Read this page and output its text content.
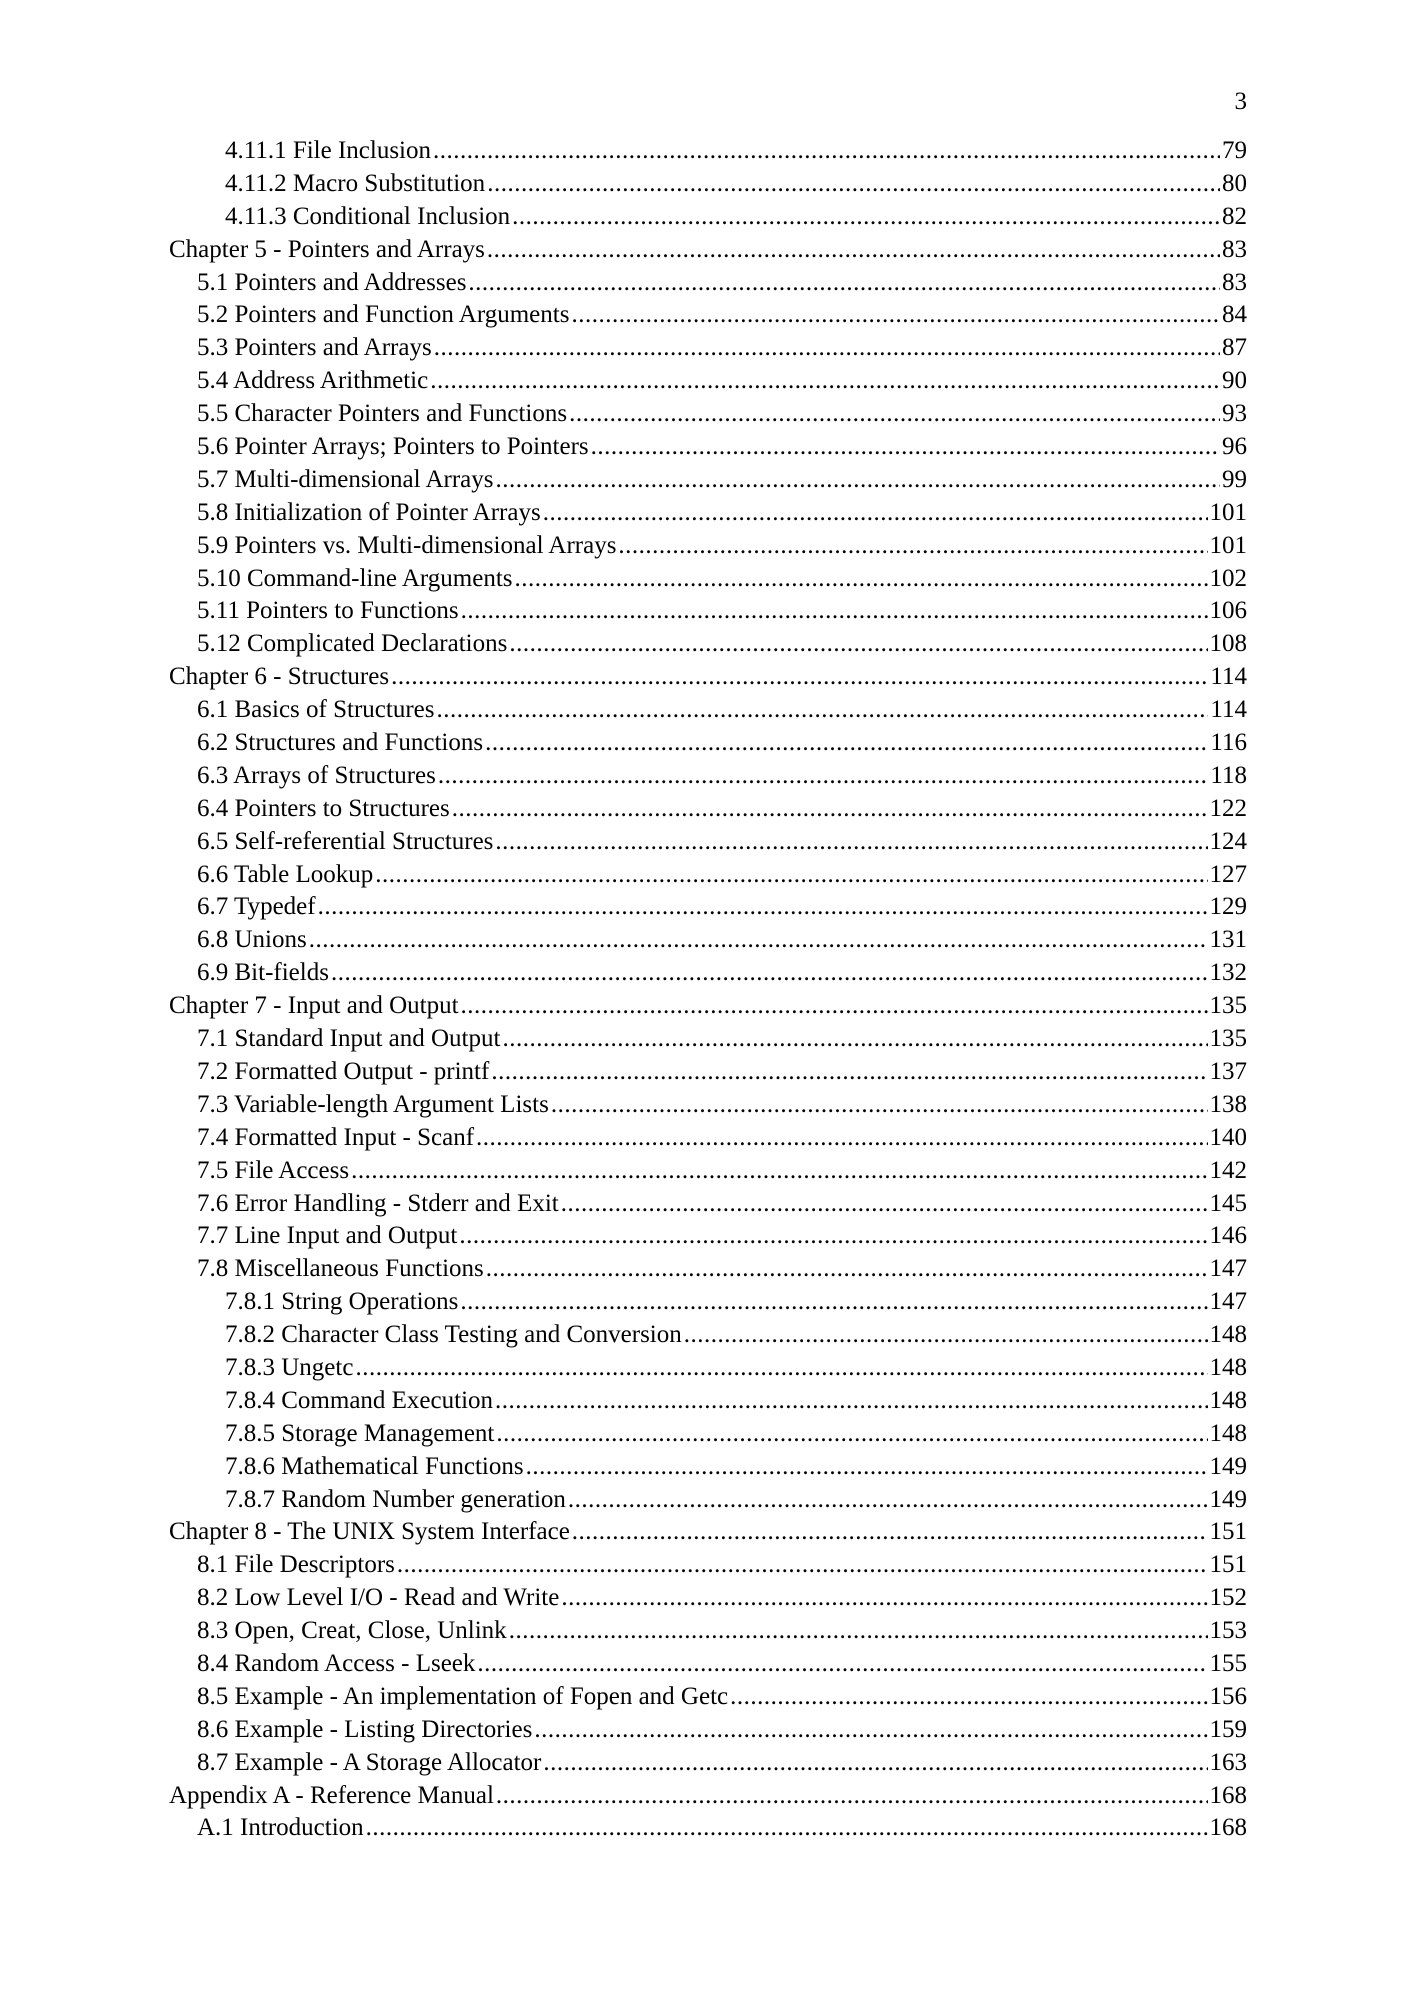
3
4.11.1 File Inclusion .....	79
4.11.2 Macro Substitution .....	80
4.11.3 Conditional Inclusion .....	82
Chapter 5 - Pointers and Arrays .....	83
5.1 Pointers and Addresses .....	83
5.2 Pointers and Function Arguments .....	84
5.3 Pointers and Arrays .....	87
5.4 Address Arithmetic .....	90
5.5 Character Pointers and Functions .....	93
5.6 Pointer Arrays; Pointers to Pointers .....	96
5.7 Multi-dimensional Arrays .....	99
5.8 Initialization of Pointer Arrays .....	101
5.9 Pointers vs. Multi-dimensional Arrays .....	101
5.10 Command-line Arguments .....	102
5.11 Pointers to Functions .....	106
5.12 Complicated Declarations .....	108
Chapter 6 - Structures .....	114
6.1 Basics of Structures .....	114
6.2 Structures and Functions .....	116
6.3 Arrays of Structures .....	118
6.4 Pointers to Structures .....	122
6.5 Self-referential Structures .....	124
6.6 Table Lookup .....	127
6.7 Typedef .....	129
6.8 Unions .....	131
6.9 Bit-fields .....	132
Chapter 7 - Input and Output .....	135
7.1 Standard Input and Output .....	135
7.2 Formatted Output - printf .....	137
7.3 Variable-length Argument Lists .....	138
7.4 Formatted Input - Scanf .....	140
7.5 File Access .....	142
7.6 Error Handling - Stderr and Exit .....	145
7.7 Line Input and Output .....	146
7.8 Miscellaneous Functions .....	147
7.8.1 String Operations .....	147
7.8.2 Character Class Testing and Conversion .....	148
7.8.3 Ungetc .....	148
7.8.4 Command Execution .....	148
7.8.5 Storage Management .....	148
7.8.6 Mathematical Functions .....	149
7.8.7 Random Number generation .....	149
Chapter 8 - The UNIX System Interface .....	151
8.1 File Descriptors .....	151
8.2 Low Level I/O - Read and Write .....	152
8.3 Open, Creat, Close, Unlink .....	153
8.4 Random Access - Lseek .....	155
8.5 Example - An implementation of Fopen and Getc .....	156
8.6 Example - Listing Directories .....	159
8.7 Example - A Storage Allocator .....	163
Appendix A - Reference Manual .....	168
A.1 Introduction .....	168
